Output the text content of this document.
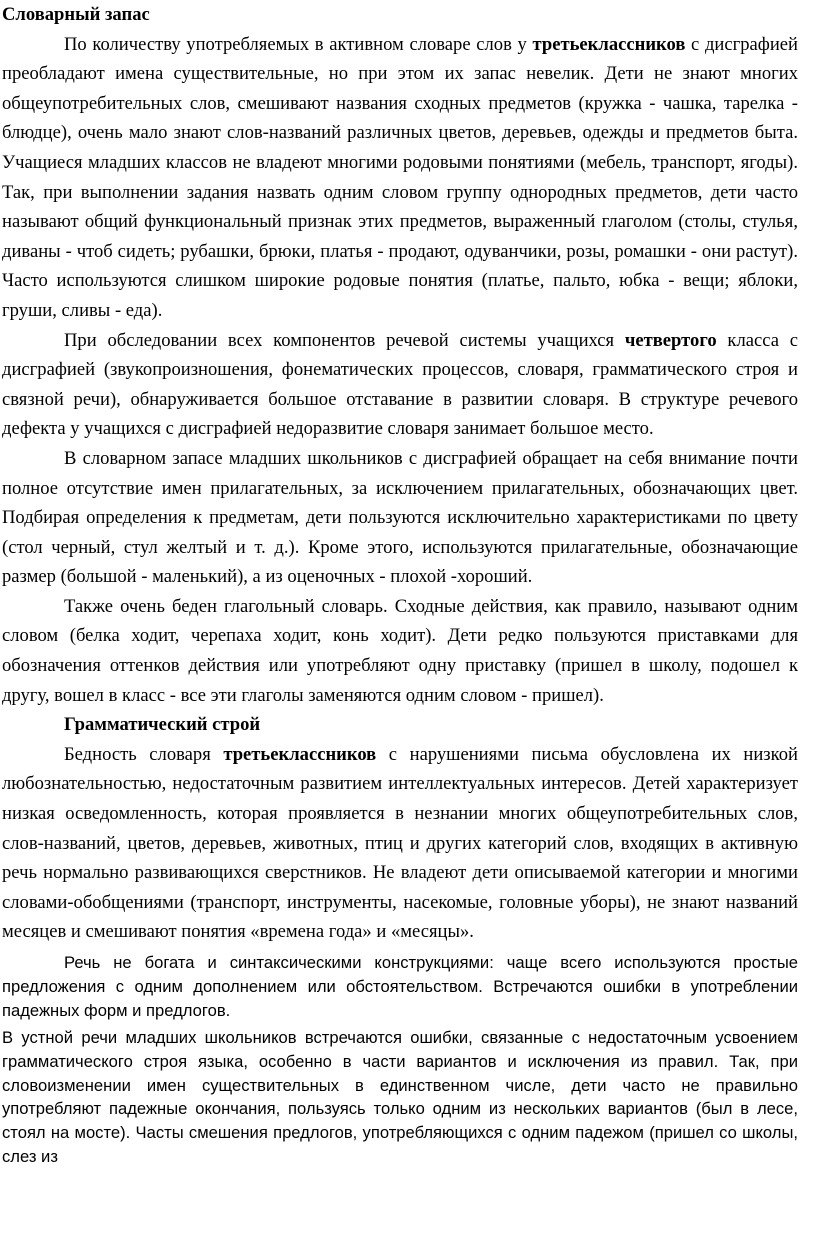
Словарный запас

По количеству употребляемых в активном словаре слов у третьеклассников с дисграфией преобладают имена существительные, но при этом их запас невелик. Дети не знают многих общеупотребительных слов, смешивают названия сходных предметов (кружка - чашка, тарелка - блюдце), очень мало знают слов-названий различных цветов, деревьев, одежды и предметов быта. Учащиеся младших классов не владеют многими родовыми понятиями (мебель, транспорт, ягоды). Так, при выполнении задания назвать одним словом группу однородных предметов, дети часто называют общий функциональный признак этих предметов, выраженный глаголом (столы, стулья, диваны - чтоб сидеть; рубашки, брюки, платья - продают, одуванчики, розы, ромашки - они растут). Часто используются слишком широкие родовые понятия (платье, пальто, юбка - вещи; яблоки, груши, сливы - еда).

При обследовании всех компонентов речевой системы учащихся четвертого класса с дисграфией (звукопроизношения, фонематических процессов, словаря, грамматического строя и связной речи), обнаруживается большое отставание в развитии словаря. В структуре речевого дефекта у учащихся с дисграфией недоразвитие словаря занимает большое место.

В словарном запасе младших школьников с дисграфией обращает на себя внимание почти полное отсутствие имен прилагательных, за исключением прилагательных, обозначающих цвет. Подбирая определения к предметам, дети пользуются исключительно характеристиками по цвету (стол черный, стул желтый и т. д.). Кроме этого, используются прилагательные, обозначающие размер (большой - маленький), а из оценочных - плохой -хороший.

Также очень беден глагольный словарь. Сходные действия, как правило, называют одним словом (белка ходит, черепаха ходит, конь ходит). Дети редко пользуются приставками для обозначения оттенков действия или употребляют одну приставку (пришел в школу, подошел к другу, вошел в класс - все эти глаголы заменяются одним словом - пришел).

Грамматический строй

Бедность словаря третьеклассников с нарушениями письма обусловлена их низкой любознательностью, недостаточным развитием интеллектуальных интересов. Детей характеризует низкая осведомленность, которая проявляется в незнании многих общеупотребительных слов, слов-названий, цветов, деревьев, животных, птиц и других категорий слов, входящих в активную речь нормально развивающихся сверстников. Не владеют дети описываемой категории и многими словами-обобщениями (транспорт, инструменты, насекомые, головные уборы), не знают названий месяцев и смешивают понятия «времена года» и «месяцы».

Речь не богата и синтаксическими конструкциями: чаще всего используются простые предложения с одним дополнением или обстоятельством. Встречаются ошибки в употреблении падежных форм и предлогов.

В устной речи младших школьников встречаются ошибки, связанные с недостаточным усвоением грамматического строя языка, особенно в части вариантов и исключения из правил. Так, при словоизменении имен существительных в единственном числе, дети часто не правильно употребляют падежные окончания, пользуясь только одним из нескольких вариантов (был в лесе, стоял на мосте). Часты смешения предлогов, употребляющихся с одним падежом (пришел со школы, слез из
